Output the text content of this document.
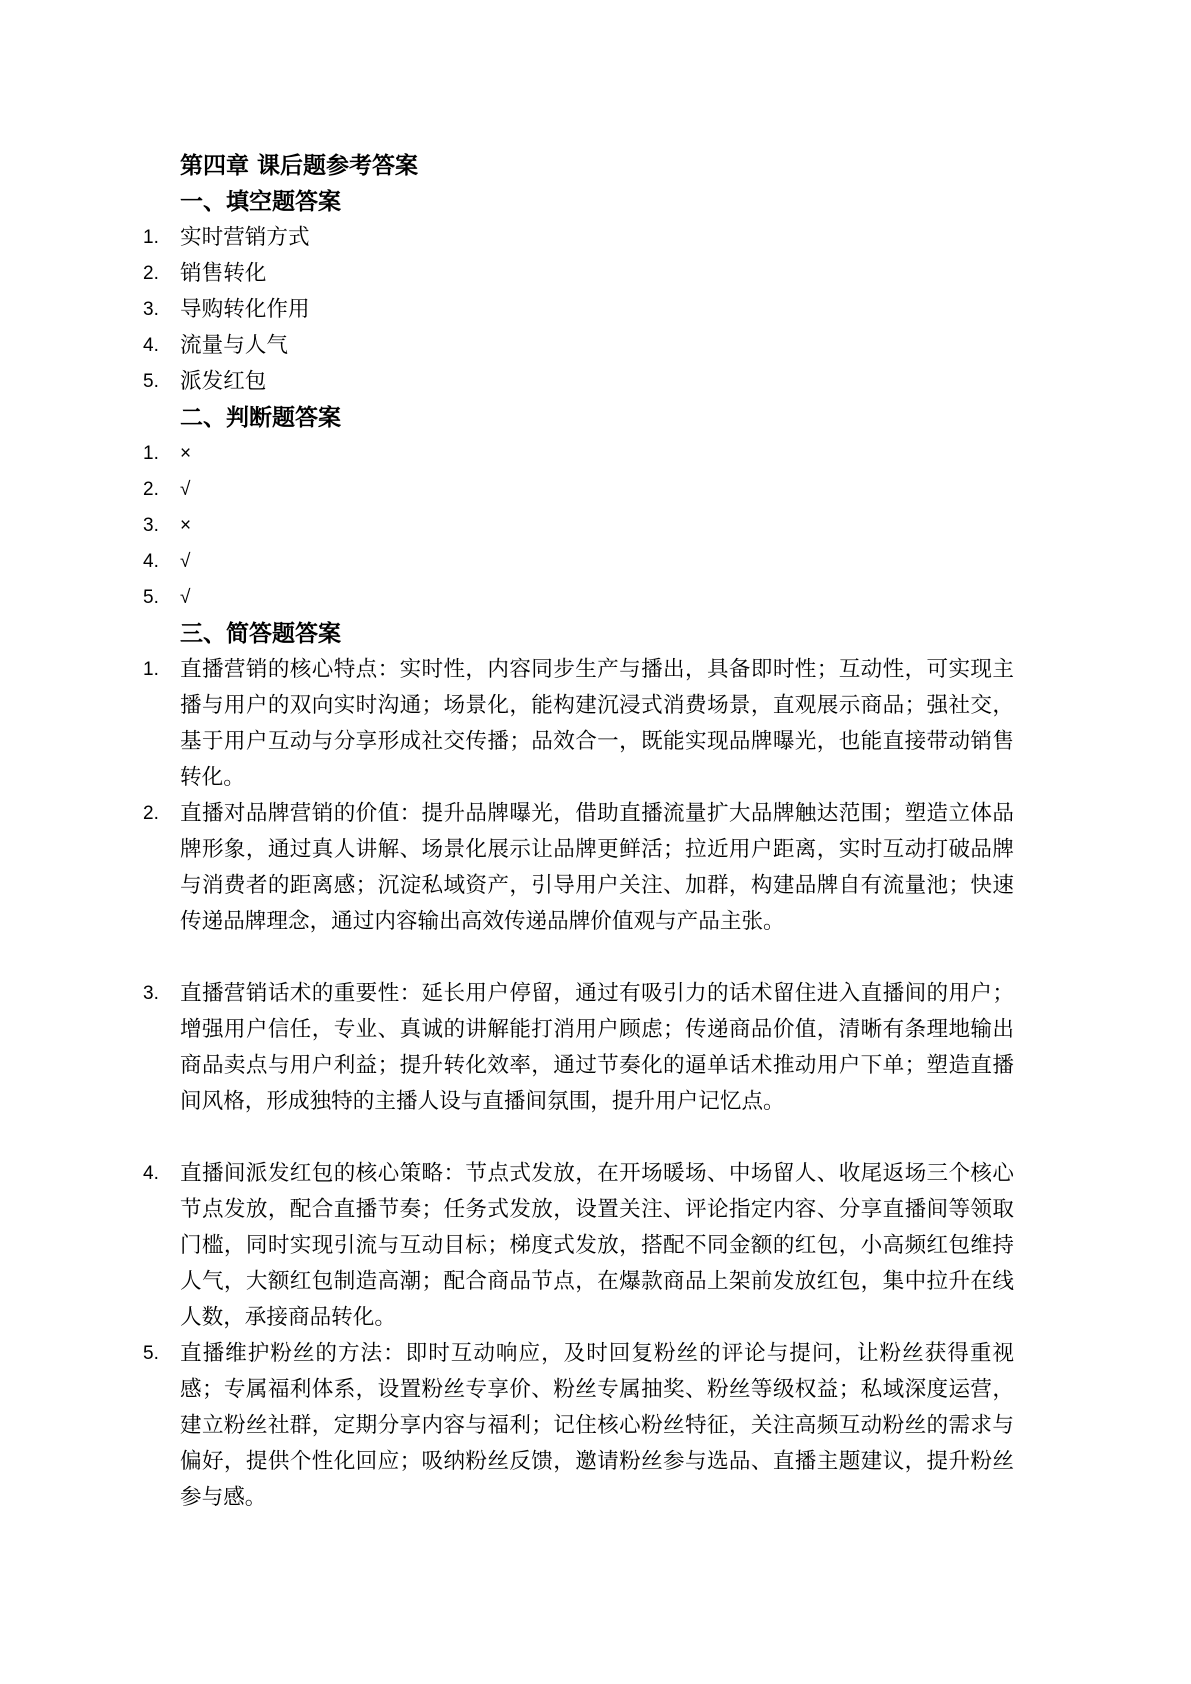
第四章 课后题参考答案
一、填空题答案
1. 实时营销方式
2. 销售转化
3. 导购转化作用
4. 流量与人气
5. 派发红包
二、判断题答案
1.	×
2.	√
3.	×
4.	√
5.	√
三、简答题答案
1. 直播营销的核心特点：实时性，内容同步生产与播出，具备即时性；互动性，可实现主播与用户的双向实时沟通；场景化，能构建沉浸式消费场景，直观展示商品；强社交，基于用户互动与分享形成社交传播；品效合一，既能实现品牌曝光，也能直接带动销售转化。
2. 直播对品牌营销的价值：提升品牌曝光，借助直播流量扩大品牌触达范围；塑造立体品牌形象，通过真人讲解、场景化展示让品牌更鲜活；拉近用户距离，实时互动打破品牌与消费者的距离感；沉淀私域资产，引导用户关注、加群，构建品牌自有流量池；快速传递品牌理念，通过内容输出高效传递品牌价值观与产品主张。
3. 直播营销话术的重要性：延长用户停留，通过有吸引力的话术留住进入直播间的用户；增强用户信任，专业、真诚的讲解能打消用户顾虑；传递商品价值，清晰有条理地输出商品卖点与用户利益；提升转化效率，通过节奏化的逼单话术推动用户下单；塑造直播间风格，形成独特的主播人设与直播间氛围，提升用户记忆点。
4. 直播间派发红包的核心策略：节点式发放，在开场暖场、中场留人、收尾返场三个核心节点发放，配合直播节奏；任务式发放，设置关注、评论指定内容、分享直播间等领取门槛，同时实现引流与互动目标；梯度式发放，搭配不同金额的红包，小高频红包维持人气，大额红包制造高潮；配合商品节点，在爆款商品上架前发放红包，集中拉升在线人数，承接商品转化。
5. 直播维护粉丝的方法：即时互动响应，及时回复粉丝的评论与提问，让粉丝获得重视感；专属福利体系，设置粉丝专享价、粉丝专属抽奖、粉丝等级权益；私域深度运营，建立粉丝社群，定期分享内容与福利；记住核心粉丝特征，关注高频互动粉丝的需求与偏好，提供个性化回应；吸纳粉丝反馈，邀请粉丝参与选品、直播主题建议，提升粉丝参与感。
